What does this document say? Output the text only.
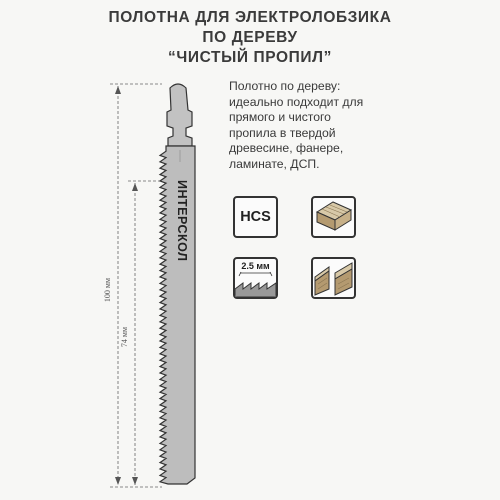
ПОЛОТНА ДЛЯ ЭЛЕКТРОЛОБЗИКА
ПО ДЕРЕВУ
“ЧИСТЫЙ ПРОПИЛ”
100 мм
74 мм
ИНТЕРСКОЛ
Полотно по дереву:
идеально подходит для
прямого и чистого
пропила в твердой
древесине, фанере,
ламинате, ДСП.
HCS
2.5 мм
